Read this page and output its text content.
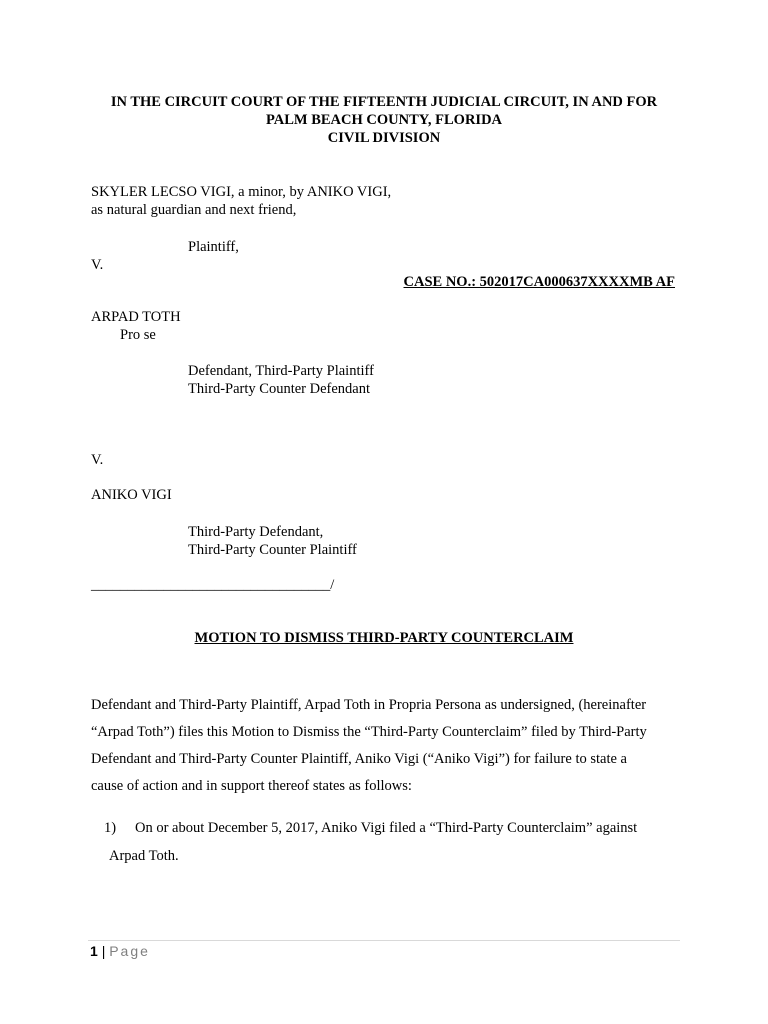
IN THE CIRCUIT COURT OF THE FIFTEENTH JUDICIAL CIRCUIT, IN AND FOR
PALM BEACH COUNTY, FLORIDA
CIVIL DIVISION
SKYLER LECSO VIGI, a minor, by ANIKO VIGI,
as natural guardian and next friend,
Plaintiff,
V.
CASE NO.: 502017CA000637XXXXMB AF
ARPAD TOTH
Pro se
Defendant, Third-Party Plaintiff
Third-Party Counter Defendant
V.
ANIKO VIGI
Third-Party Defendant,
Third-Party Counter Plaintiff
_________________________________/
MOTION TO DISMISS THIRD-PARTY COUNTERCLAIM
Defendant and Third-Party Plaintiff, Arpad Toth in Propria Persona as undersigned, (hereinafter
“Arpad Toth”) files this Motion to Dismiss the “Third-Party Counterclaim” filed by Third-Party
Defendant and Third-Party Counter Plaintiff, Aniko Vigi (“Aniko Vigi”) for failure to state a
cause of action and in support thereof states as follows:
1) On or about December 5, 2017, Aniko Vigi filed a “Third-Party Counterclaim” against
Arpad Toth.
1 | Page
